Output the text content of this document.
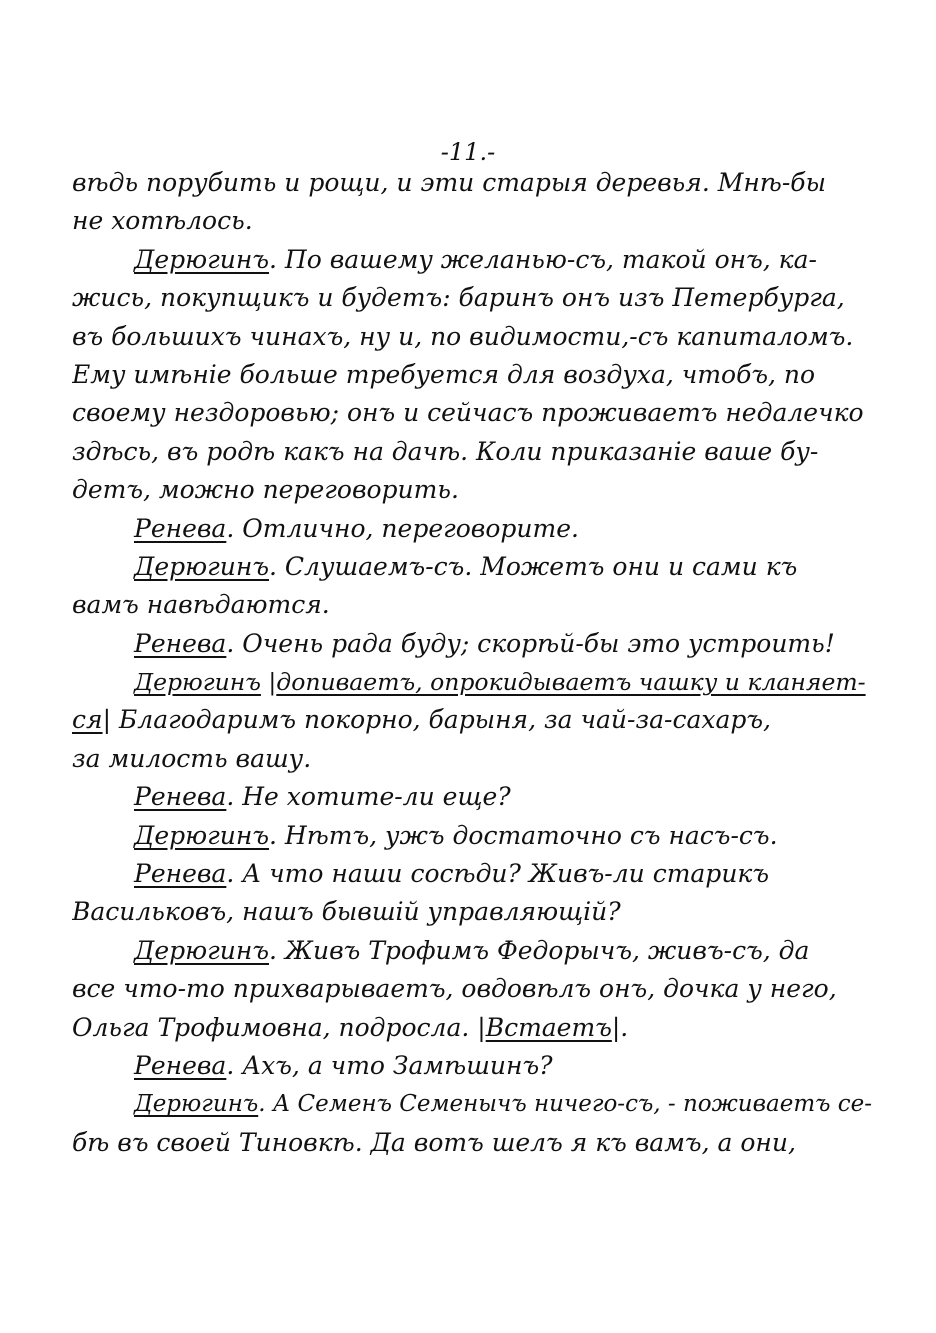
-11.-
вѣдь порубить и рощи, и эти старыя деревья. Мнѣ-бы
не хотѣлось.
Дерюгинъ. По вашему желанью-съ, такой онъ, ка-
жись, покупщикъ и будетъ: баринъ онъ изъ Петербурга,
въ большихъ чинахъ, ну и, по видимости,-съ капиталомъ.
Ему имѣнiе больше требуется для воздуха, чтобъ, по
своему нездоровью; онъ и сейчасъ проживаетъ недалечко
здѣсь, въ родѣ какъ на дачѣ. Коли приказанiе ваше бу-
детъ, можно переговорить.
Ренева. Отлично, переговорите.
Дерюгинъ. Слушаемъ-съ. Можетъ они и сами къ
вамъ навѣдаются.
Ренева. Очень рада буду; скорѣй-бы это устроить!
Дерюгинъ |допиваетъ, опрокидываетъ чашку и кланяет-
ся| Благодаримъ покорно, барыня, за чай-за-сахаръ,
за милость вашу.
Ренева. Не хотите-ли еще?
Дерюгинъ. Нѣтъ, ужъ достаточно съ насъ-съ.
Ренева. А что наши сосѣди? Живъ-ли старикъ
Васильковъ, нашъ бывшiй управляющiй?
Дерюгинъ. Живъ Трофимъ Федорычъ, живъ-съ, да
все что-то прихварываетъ, овдовѣлъ онъ, дочка у него,
Ольга Трофимовна, подросла. |Встаетъ|.
Ренева. Ахъ, а что Замѣшинъ?
Дерюгинъ. А Семенъ Семенычъ ничего-съ, - поживаетъ се-
бѣ въ своей Тиновкѣ. Да вотъ шелъ я къ вамъ, а они,
